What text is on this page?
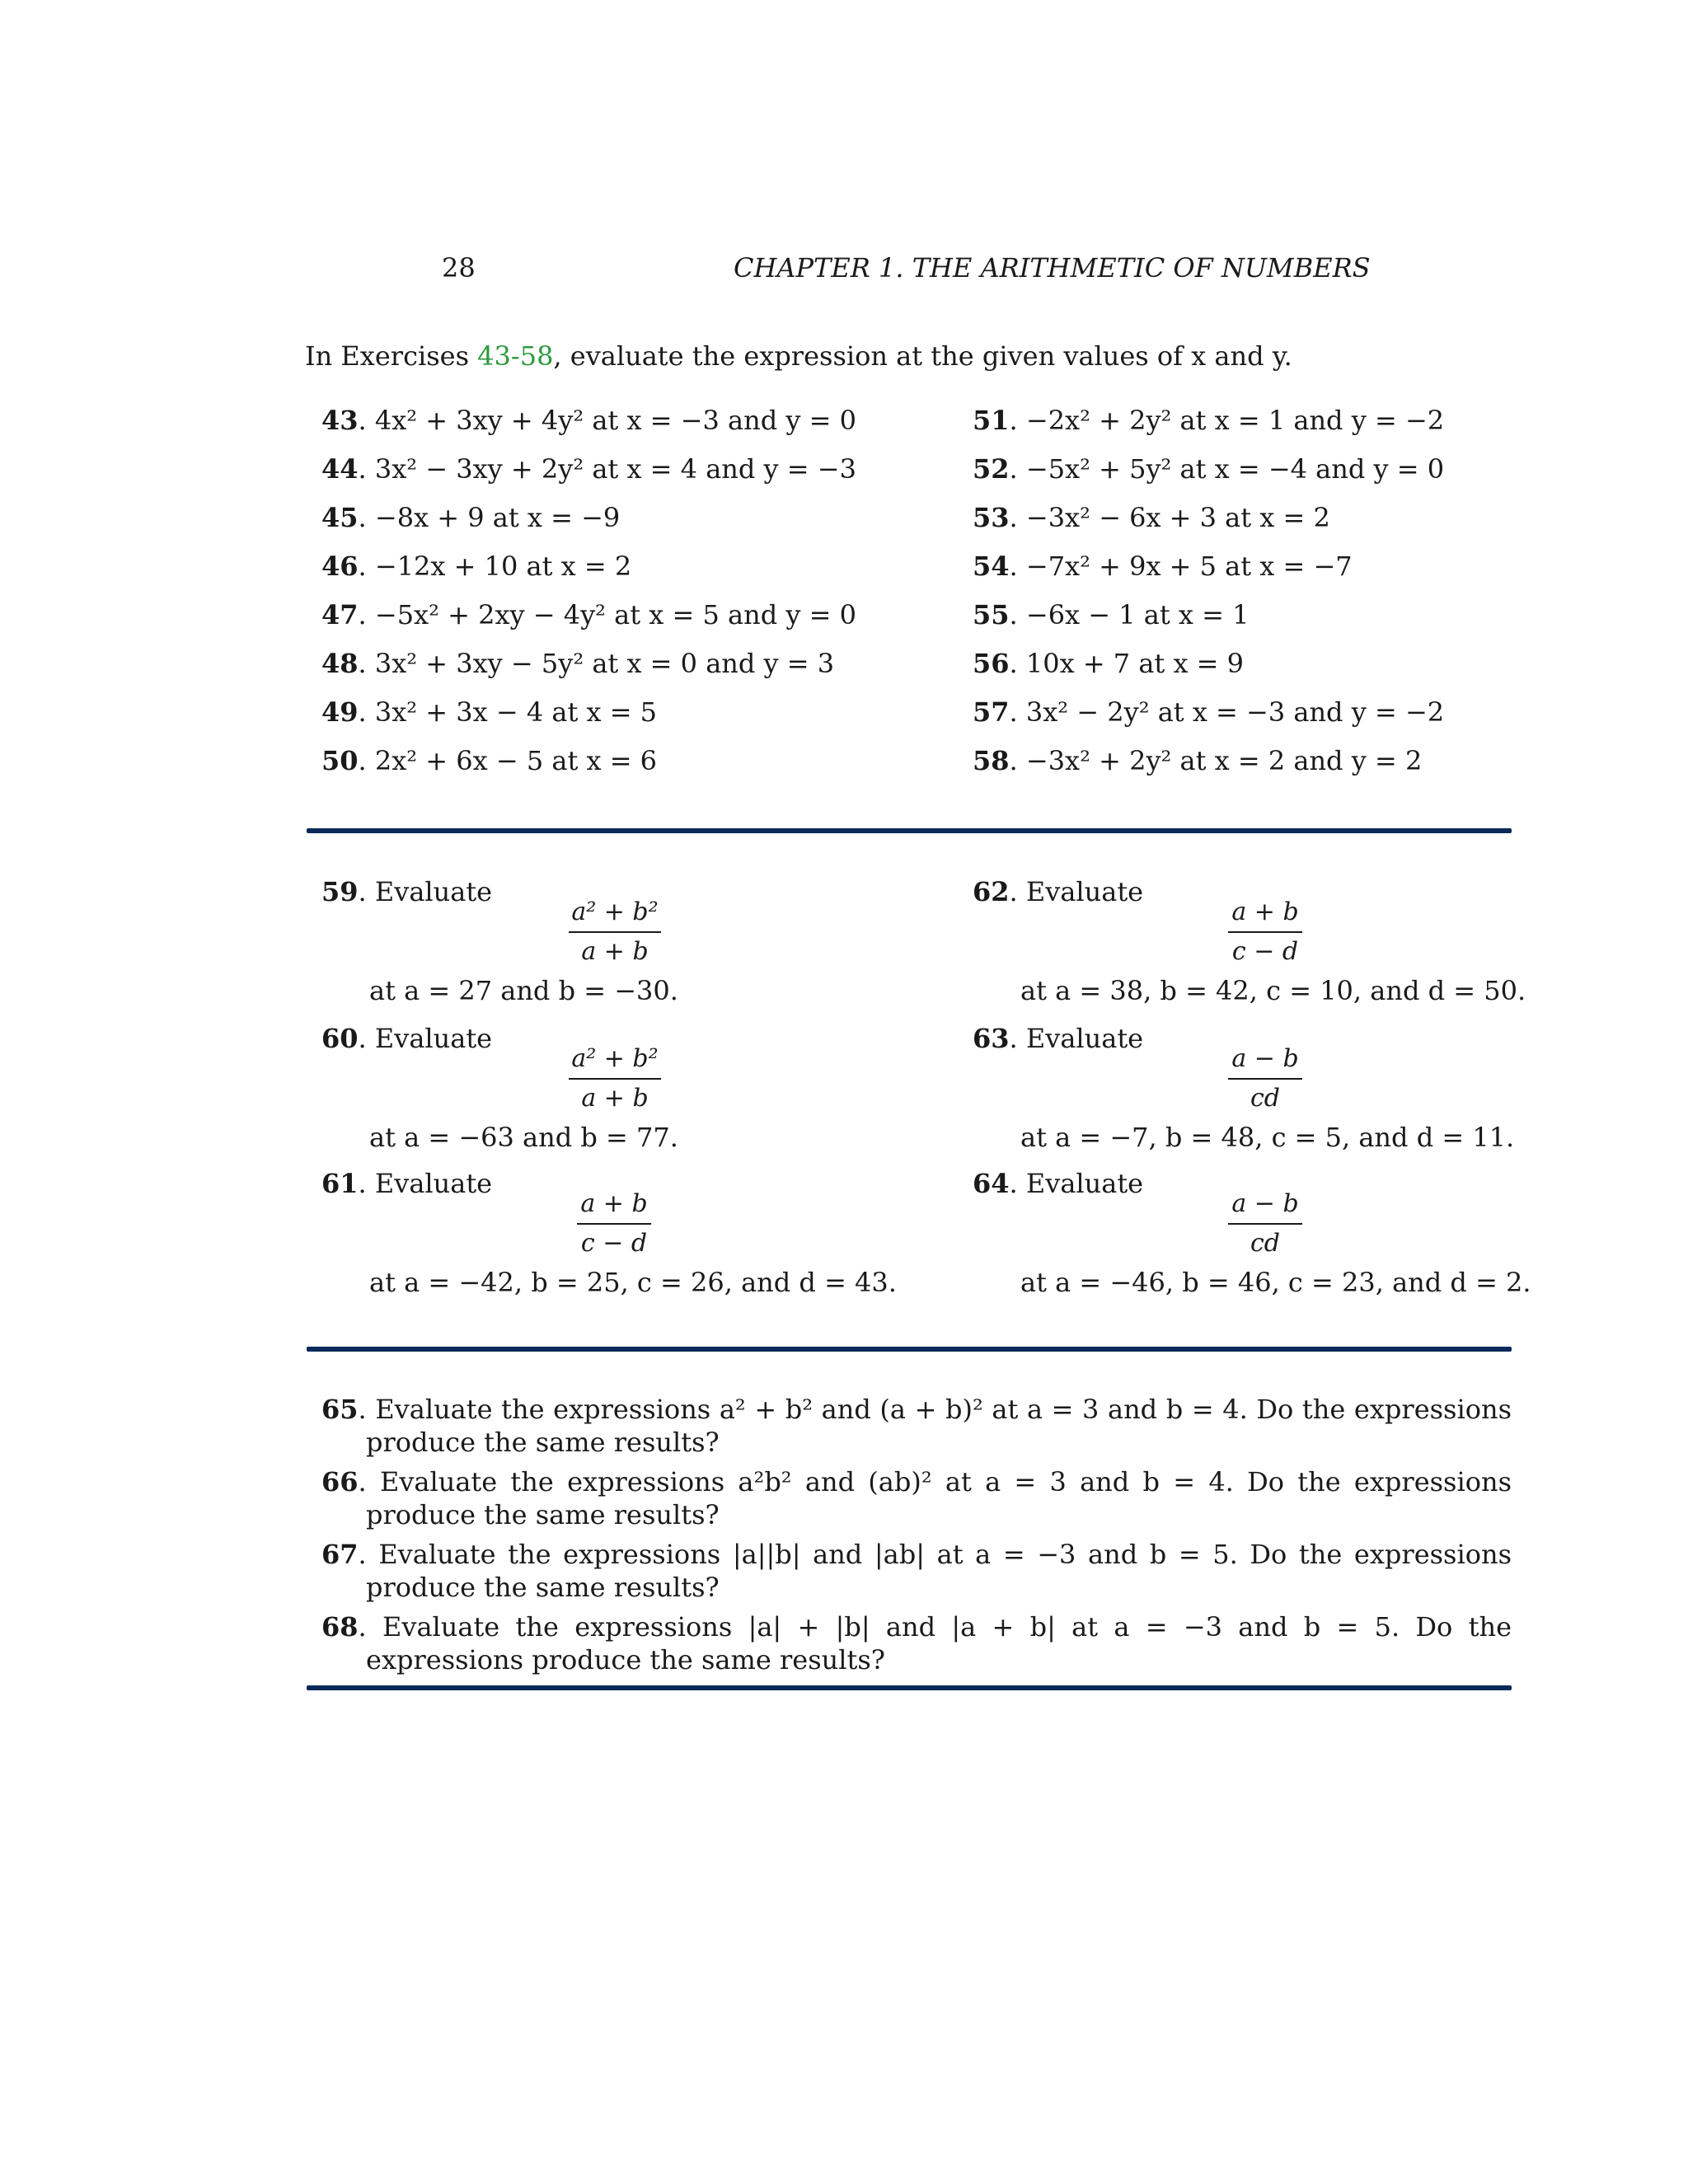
28	CHAPTER 1. THE ARITHMETIC OF NUMBERS
In Exercises 43-58, evaluate the expression at the given values of x and y.
43. 4x² + 3xy + 4y² at x = −3 and y = 0
44. 3x² − 3xy + 2y² at x = 4 and y = −3
45. −8x + 9 at x = −9
46. −12x + 10 at x = 2
47. −5x² + 2xy − 4y² at x = 5 and y = 0
48. 3x² + 3xy − 5y² at x = 0 and y = 3
49. 3x² + 3x − 4 at x = 5
50. 2x² + 6x − 5 at x = 6
51. −2x² + 2y² at x = 1 and y = −2
52. −5x² + 5y² at x = −4 and y = 0
53. −3x² − 6x + 3 at x = 2
54. −7x² + 9x + 5 at x = −7
55. −6x − 1 at x = 1
56. 10x + 7 at x = 9
57. 3x² − 2y² at x = −3 and y = −2
58. −3x² + 2y² at x = 2 and y = 2
59. Evaluate
a² + b²
a + b
at a = 27 and b = −30.
60. Evaluate
a² + b²
a + b
at a = −63 and b = 77.
61. Evaluate
a + b
c − d
at a = −42, b = 25, c = 26, and d = 43.
62. Evaluate
a + b
c − d
at a = 38, b = 42, c = 10, and d = 50.
63. Evaluate
a − b
cd
at a = −7, b = 48, c = 5, and d = 11.
64. Evaluate
a − b
cd
at a = −46, b = 46, c = 23, and d = 2.
65. Evaluate the expressions a² + b² and (a + b)² at a = 3 and b = 4. Do the expressions produce the same results?
66. Evaluate the expressions a²b² and (ab)² at a = 3 and b = 4. Do the expressions produce the same results?
67. Evaluate the expressions |a||b| and |ab| at a = −3 and b = 5. Do the expressions produce the same results?
68. Evaluate the expressions |a| + |b| and |a + b| at a = −3 and b = 5. Do the expressions produce the same results?
